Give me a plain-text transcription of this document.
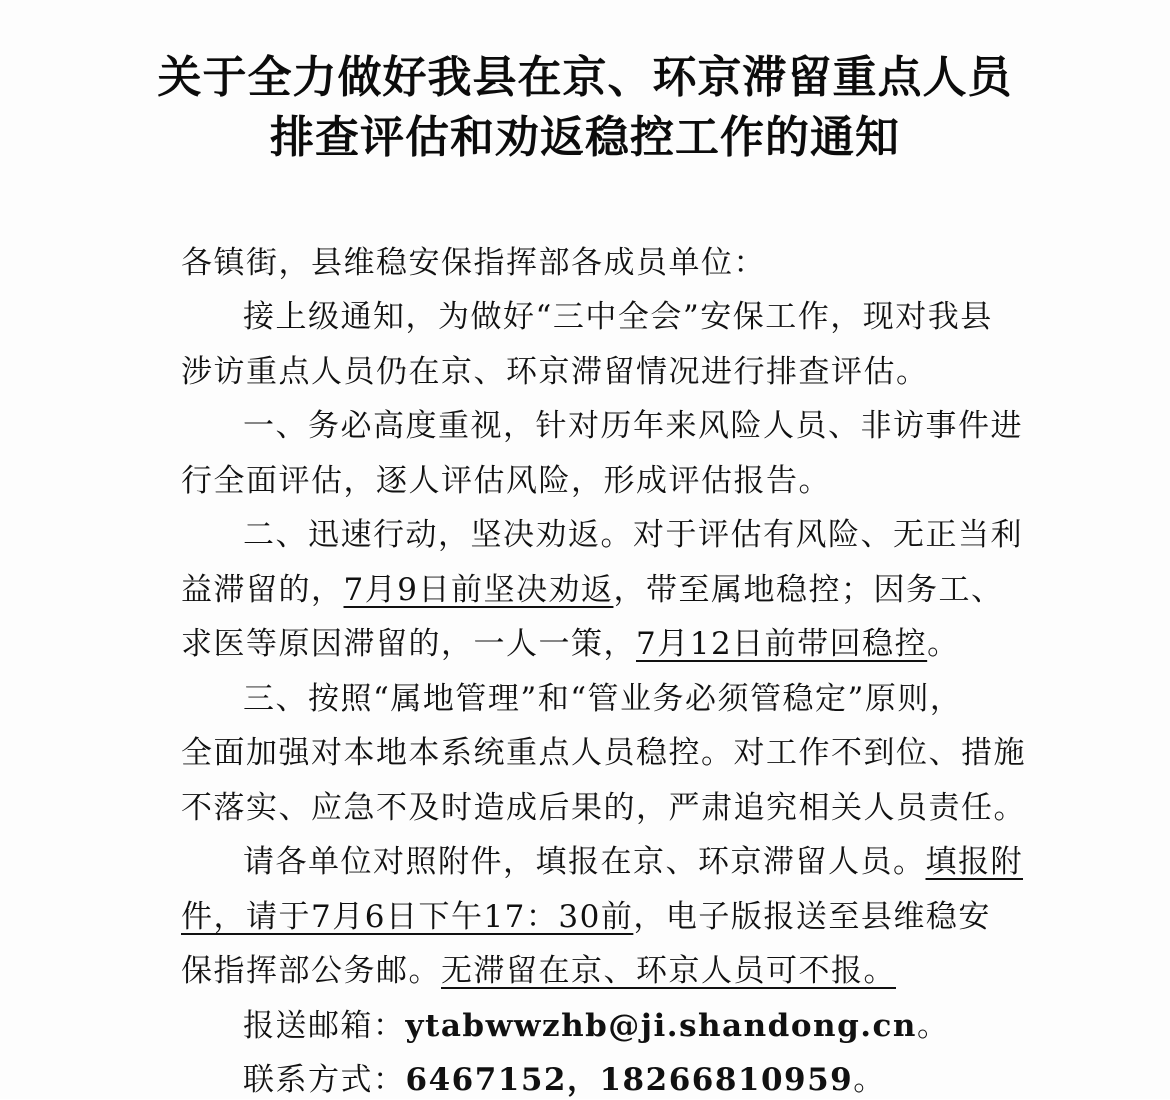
关于全力做好我县在京、环京滞留重点人员
排查评估和劝返稳控工作的通知
各镇街，县维稳安保指挥部各成员单位：
接上级通知，为做好“三中全会”安保工作，现对我县
涉访重点人员仍在京、环京滞留情况进行排查评估。
一、务必高度重视，针对历年来风险人员、非访事件进
行全面评估，逐人评估风险，形成评估报告。
二、迅速行动，坚决劝返。对于评估有风险、无正当利
益滞留的，7月9日前坚决劝返，带至属地稳控；因务工、
求医等原因滞留的，一人一策，7月12日前带回稳控。
三、按照“属地管理”和“管业务必须管稳定”原则，
全面加强对本地本系统重点人员稳控。对工作不到位、措施
不落实、应急不及时造成后果的，严肃追究相关人员责任。
请各单位对照附件，填报在京、环京滞留人员。填报附
件，请于7月6日下午17：30前，电子版报送至县维稳安
保指挥部公务邮。无滞留在京、环京人员可不报。
报送邮箱：ytabwwzhb@ji.shandong.cn。
联系方式：6467152，18266810959。
